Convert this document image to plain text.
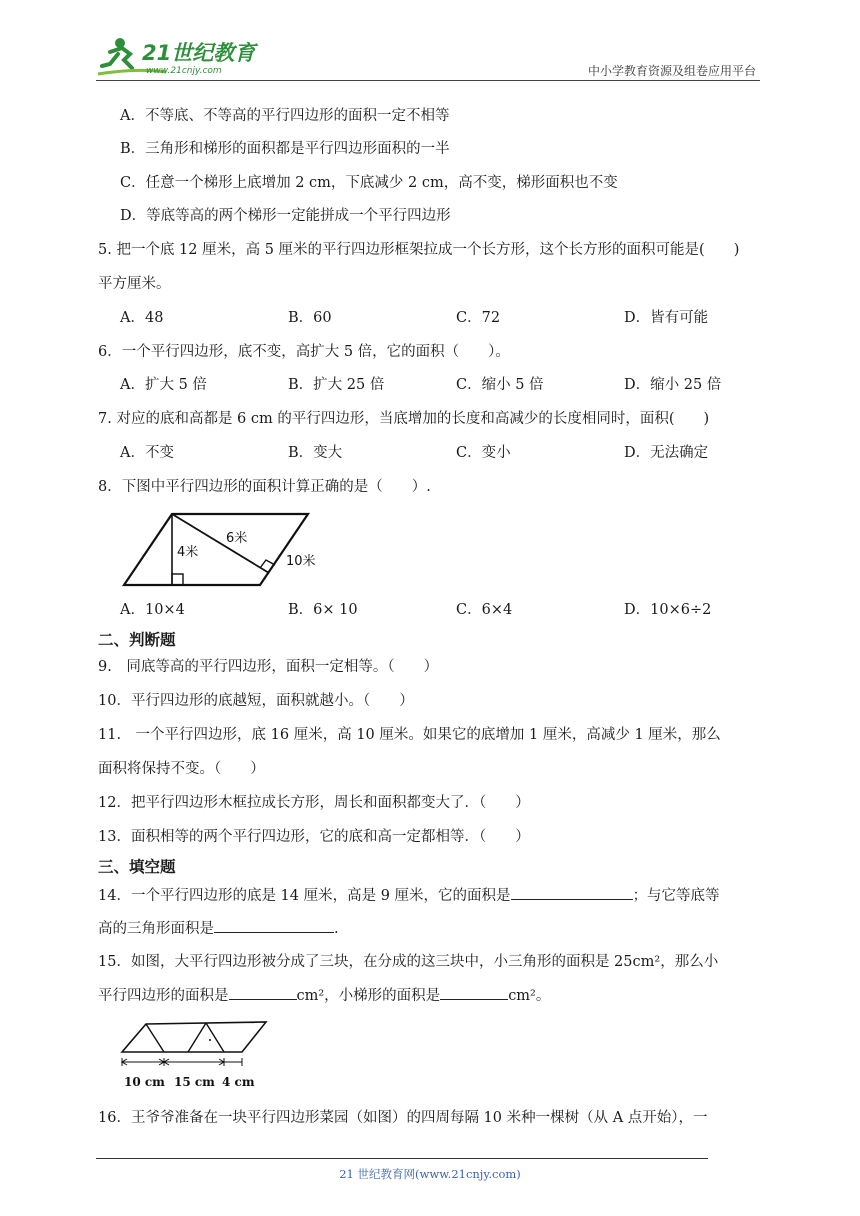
21世纪教育
www.21cnjy.com	中小学教育资源及组卷应用平台
A．不等底、不等高的平行四边形的面积一定不相等
B．三角形和梯形的面积都是平行四边形面积的一半
C．任意一个梯形上底增加 2 cm，下底减少 2 cm，高不变，梯形面积也不变
D．等底等高的两个梯形一定能拼成一个平行四边形
5. 把一个底 12 厘米，高 5 厘米的平行四边形框架拉成一个长方形，这个长方形的面积可能是(　　)
平方厘米。
A．48	B．60	C．72	D．皆有可能
6．一个平行四边形，底不变，高扩大 5 倍，它的面积（　　）。
A．扩大 5 倍	B．扩大 25 倍	C．缩小 5 倍	D．缩小 25 倍
7. 对应的底和高都是 6 cm 的平行四边形，当底增加的长度和高减少的长度相同时，面积(　　)
A．不变	B．变大	C．变小	D．无法确定
8．下图中平行四边形的面积计算正确的是（　　）.
4米
6米
10米
A．10×4	B．6× 10	C．6×4	D．10×6÷2
二、判断题
9.　同底等高的平行四边形，面积一定相等。（　　）
10．平行四边形的底越短，面积就越小。（　　）
11.　一个平行四边形，底 16 厘米，高 10 厘米。如果它的底增加 1 厘米，高减少 1 厘米，那么
面积将保持不变。（　　）
12．把平行四边形木框拉成长方形，周长和面积都变大了．（　　）
13．面积相等的两个平行四边形，它的底和高一定都相等．（　　）
三、填空题
14．一个平行四边形的底是 14 厘米，高是 9 厘米，它的面积是	；与它等底等
高的三角形面积是	.
15．如图，大平行四边形被分成了三块，在分成的这三块中，小三角形的面积是 25cm²，那么小
平行四边形的面积是	cm²，小梯形的面积是	cm²。
10 cm 15 cm 4 cm
16．王爷爷准备在一块平行四边形菜园（如图）的四周每隔 10 米种一棵树（从 A 点开始），一
21 世纪教育网(www.21cnjy.com)
